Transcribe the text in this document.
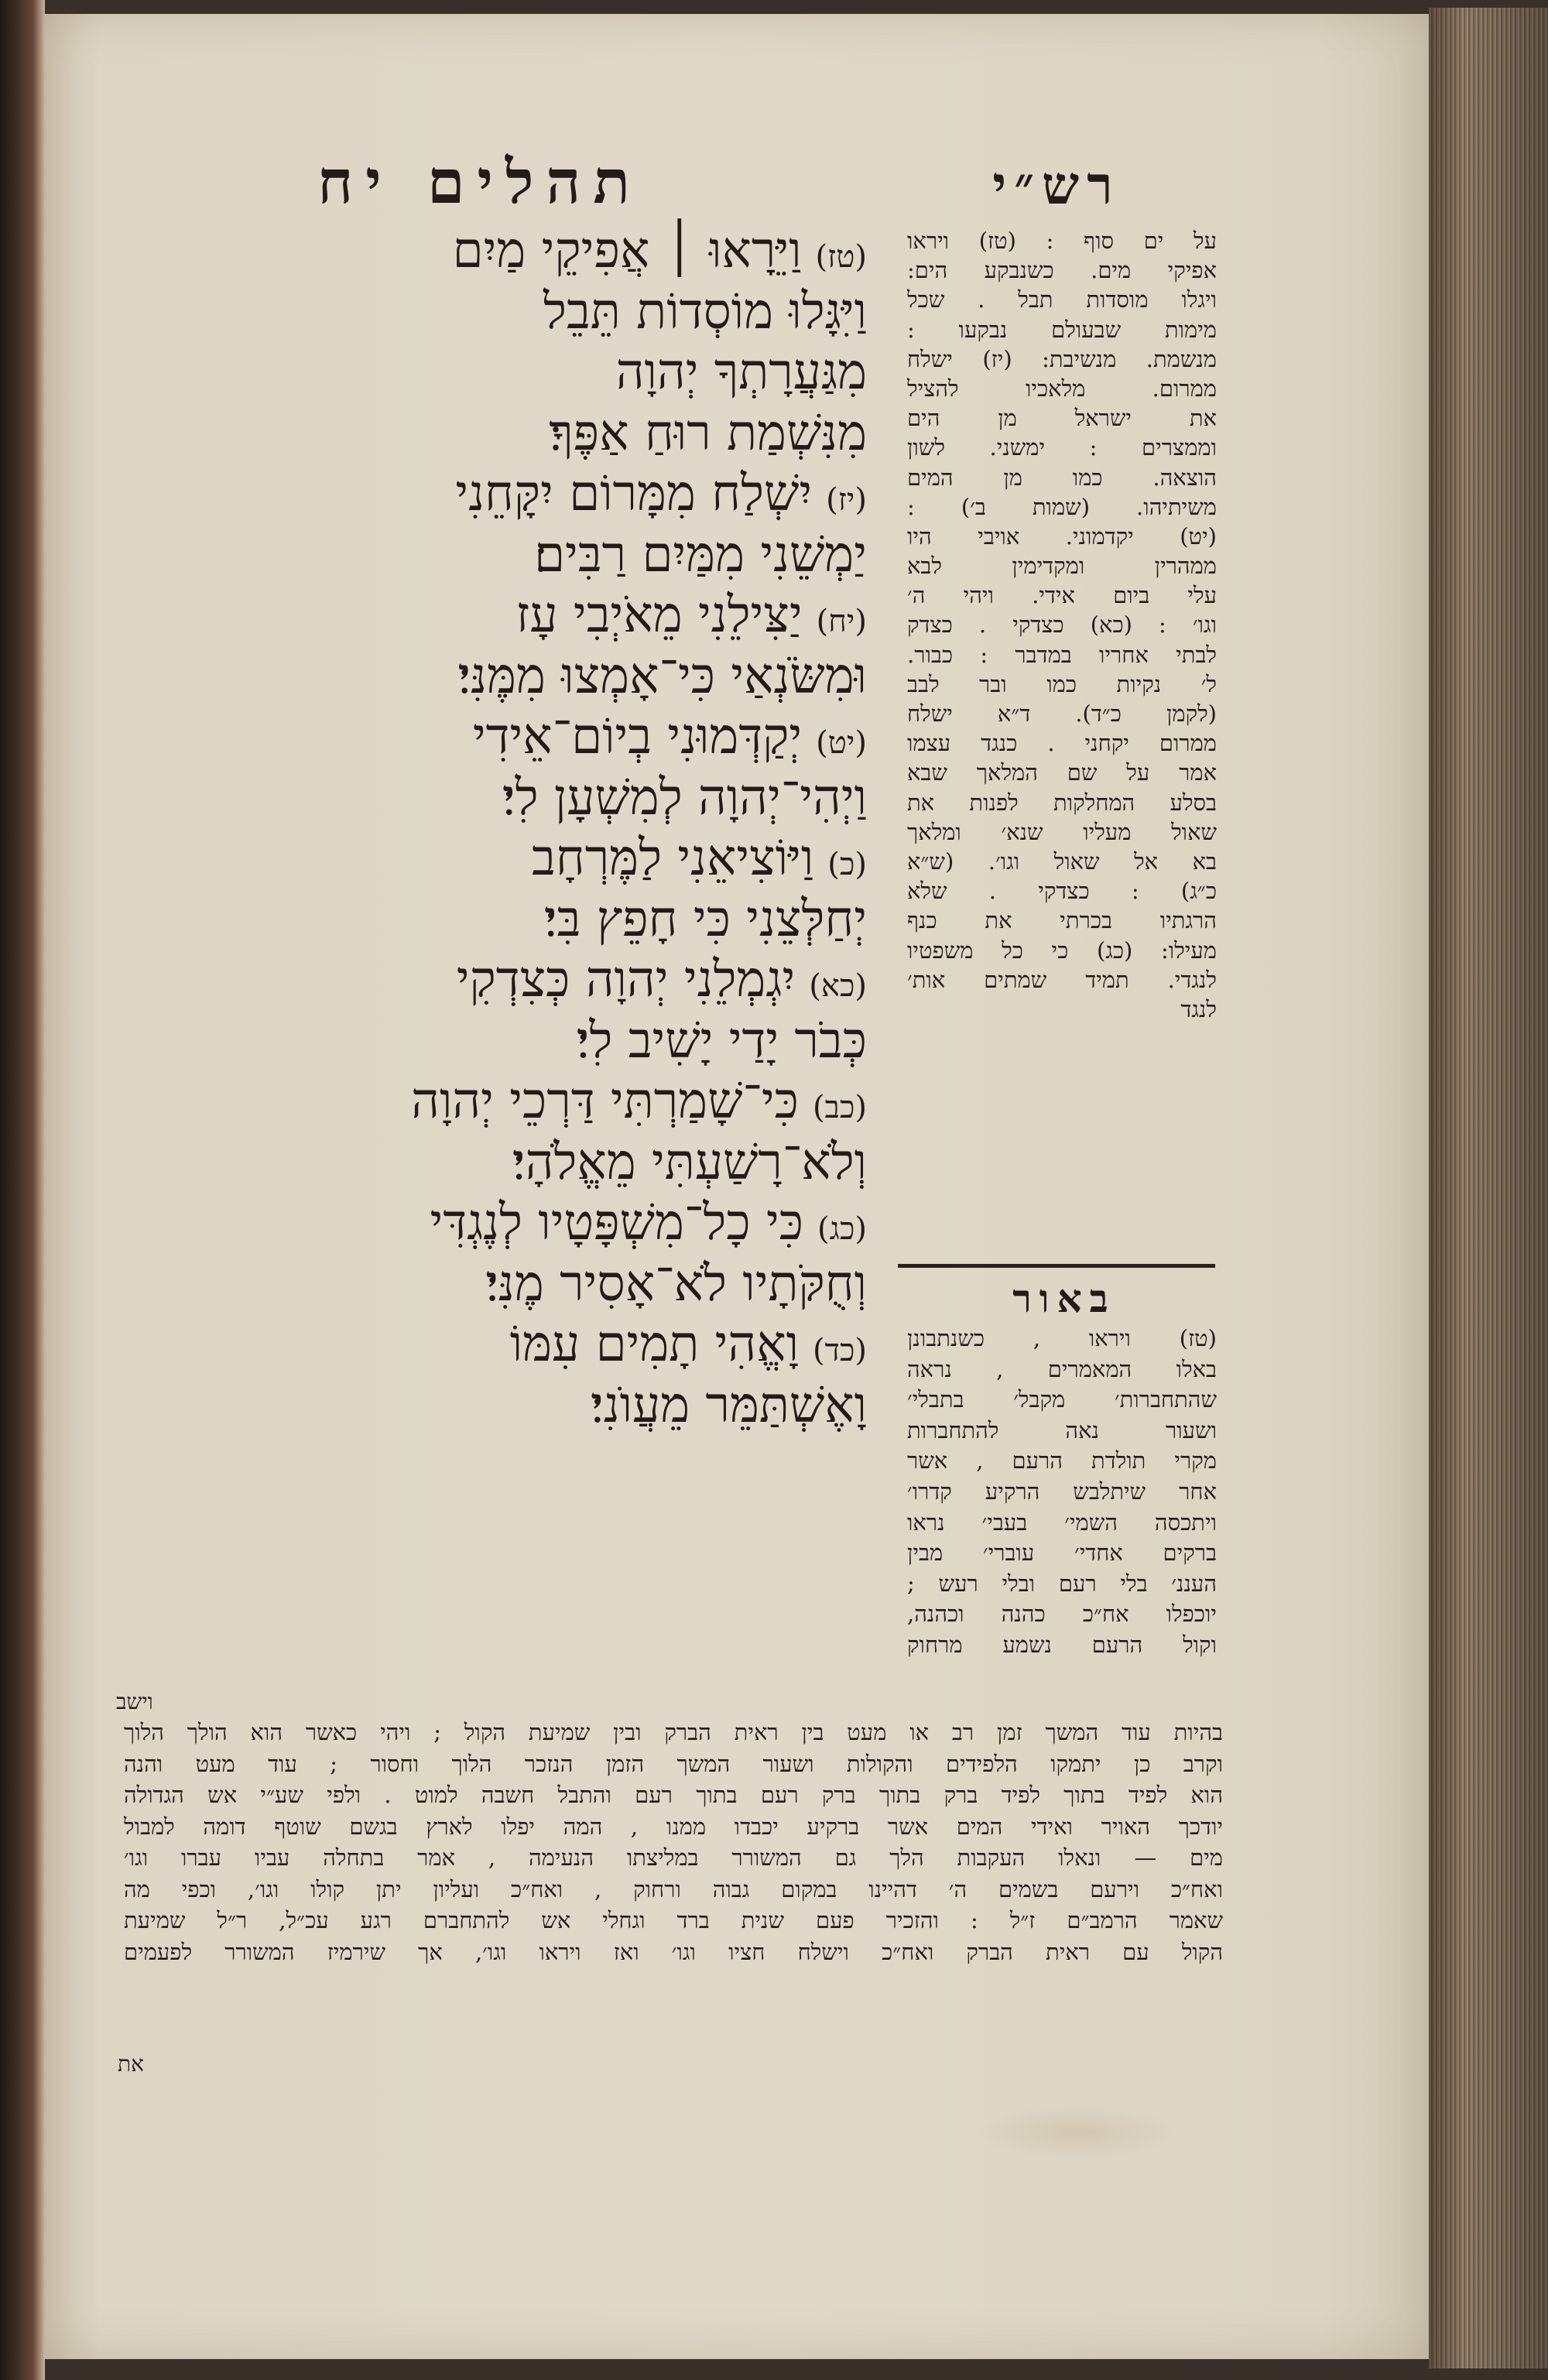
רש״י
תהלים יח
(טז)וַיֵּרָאוּ ׀ אֲפִיקֵי מַיִם
וַיִּגָּלוּ מוֹסְדוֹת תֵּבֵל
מִגַּעֲרָתְךָ יְהוָה
מִנִּשְׁמַת רוּחַ אַפֶּךָ׃
(יז)יִשְׁלַח מִמָּרוֹם יִקָּחֵנִי
יַמְשֵׁנִי מִמַּיִם רַבִּים׃
(יח)יַצִּילֵנִי מֵאֹיְבִי עָז
וּמִשֹּׂנְאַי כִּי־אָמְצוּ מִמֶּנִּי׃
(יט)יְקַדְּמוּנִי בְיוֹם־אֵידִי
וַיְהִי־יְהוָה לְמִשְׁעָן לִי׃
(כ)וַיּוֹצִיאֵנִי לַמֶּרְחָב
יְחַלְּצֵנִי כִּי חָפֵץ בִּי׃
(כא)יִגְמְלֵנִי יְהוָה כְּצִדְקִי
כְּבֹר יָדַי יָשִׁיב לִי׃
(כב)כִּי־שָׁמַרְתִּי דַּרְכֵי יְהוָה
וְלֹא־רָשַׁעְתִּי מֵאֱלֹהָי׃
(כג)כִּי כָל־מִשְׁפָּטָיו לְנֶגְדִּי
וְחֻקֹּתָיו לֹא־אָסִיר מֶנִּי׃
(כד)וָאֱהִי תָמִים עִמּוֹ
וָאֶשְׁתַּמֵּר מֵעֲוֺנִי׃
על ים סוף : (טז) ויראו
אפיקי מים. כשנבקע הים:
ויגלו מוסדות תבל . שכל
מימות שבעולם נבקעו :
מנשמת. מנשיבת: (יז) ישלח
ממרום. מלאכיו להציל
את ישראל מן הים
וממצרים : ימשני. לשון
הוצאה. כמו מן המים
משיתיהו. (שמות ב׳) :
(יט) יקדמוני. אויבי היו
ממהרין ומקדימין לבא
עלי ביום אידי. ויהי ה׳
וגו׳ : (כא) כצדקי . כצדק
לבתי אחריו במדבר : כבור.
ל׳ נקיות כמו ובר לבב
(לקמן כ״ד). ד״א ישלח
ממרום יקחני . כנגד עצמו
אמר על שם המלאך שבא
בסלע המחלקות לפנות את
שאול מעליו שנא׳ ומלאך
בא אל שאול וגו׳. (ש״א
כ״ג) : כצדקי . שלא
הרגתיו בכרתי את כנף
מעילו: (כג) כי כל משפטיו
לנגדי. תמיד שמתים אות׳
לנגד
באור
(טז) ויראו , כשנתבונן
באלו המאמרים , נראה
שהתחברות׳ מקבל׳ בתבלי׳
ושעור נאה להתחברות
מקרי תולדת הרעם , אשר
אחר שיתלבש הרקיע קדרו׳
ויתכסה השמי׳ בעבי׳ נראו
ברקים אחדי׳ עוברי׳ מבין
העננ׳ בלי רעם ובלי רעש ;
יוכפלו אח״כ כהנה וכהנה,
וקול הרעם נשמע מרחוק
וישב
בהיות עוד המשך זמן רב או מעט בין ראית הברק ובין שמיעת הקול ; ויהי כאשר הוא הולך הלוך
וקרב כן יתמקו הלפידים והקולות ושעור המשך הזמן הנזכר הלוך וחסור ; עוד מעט והנה
הוא לפיד בתוך לפיד ברק בתוך ברק רעם בתוך רעם והתבל חשבה למוט . ולפי שע״י אש הגדולה
יודכך האויר ואידי המים אשר ברקיע יכבדו ממנו , המה יפלו לארץ בגשם שוטף דומה למבול
מים — ונאלו העקבות הלך גם המשורר במליצתו הנעימה , אמר בתחלה עביו עברו וגו׳
ואח״כ וירעם בשמים ה׳ דהיינו במקום גבוה ורחוק , ואח״כ ועליון יתן קולו וגו׳, וכפי מה
שאמר הרמב״ם ז״ל : והזכיר פעם שנית ברד וגחלי אש להתחברם רגע עכ״ל, ר״ל שמיעת
הקול עם ראית הברק ואח״כ וישלח חציו וגו׳ ואז ויראו וגו׳, אך שירמיז המשורר לפעמים
את
